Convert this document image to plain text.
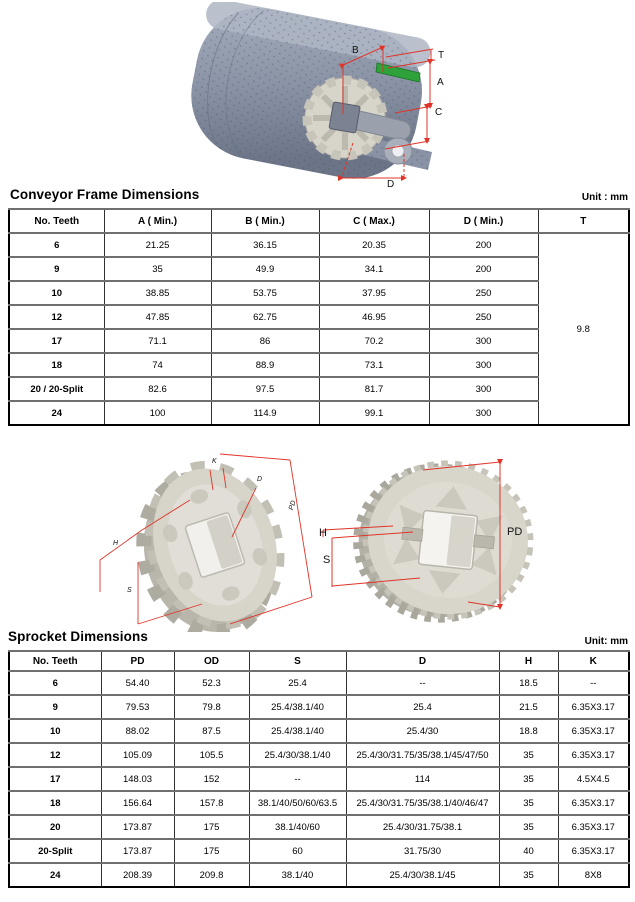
B	T
A
C
D
Conveyor Frame Dimensions	Unit : mm
No. Teeth	A ( Min.)	B ( Min.)	C ( Max.)	D ( Min.)	T
6	21.25	36.15	20.35	200	9.8
9	35	49.9	34.1	200	
10	38.85	53.75	37.95	250	
12	47.85	62.75	46.95	250	
17	71.1	86	70.2	300	
18	74	88.9	73.1	300	
20 / 20-Split	82.6	97.5	81.7	300	
24	100	114.9	99.1	300	
K
D
PD
H
S
H
S
PD
Sprocket Dimensions	Unit: mm
No. Teeth	PD	OD	S	D	H	K
6	54.40	52.3	25.4	--	18.5	--
9	79.53	79.8	25.4/38.1/40	25.4	21.5	6.35X3.17
10	88.02	87.5	25.4/38.1/40	25.4/30	18.8	6.35X3.17
12	105.09	105.5	25.4/30/38.1/40	25.4/30/31.75/35/38.1/45/47/50	35	6.35X3.17
17	148.03	152	--	114	35	4.5X4.5
18	156.64	157.8	38.1/40/50/60/63.5	25.4/30/31.75/35/38.1/40/46/47	35	6.35X3.17
20	173.87	175	38.1/40/60	25.4/30/31.75/38.1	35	6.35X3.17
20-Split	173.87	175	60	31.75/30	40	6.35X3.17
24	208.39	209.8	38.1/40	25.4/30/38.1/45	35	8X8
